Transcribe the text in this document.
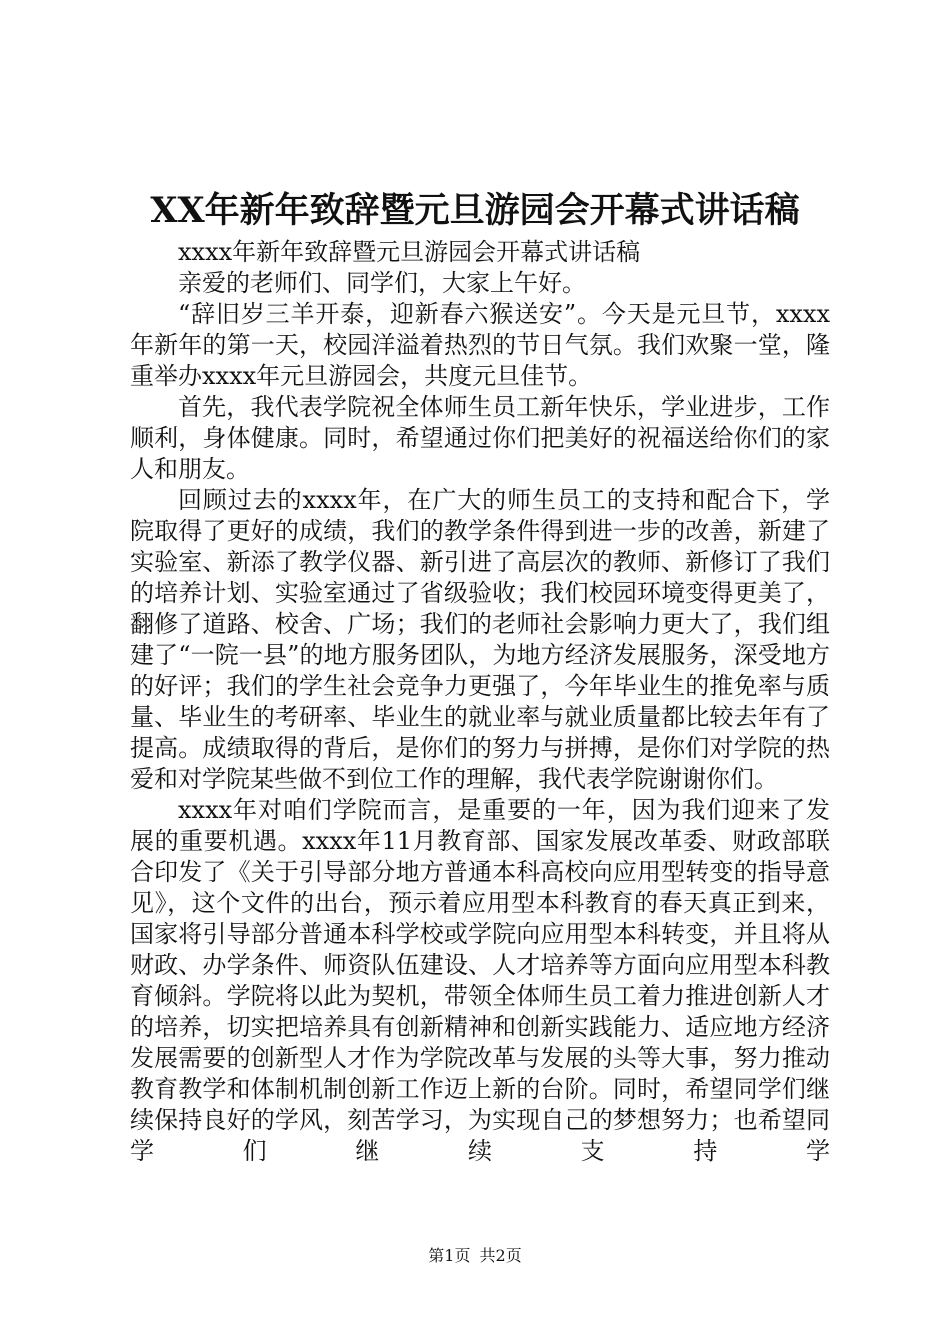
XX年新年致辞暨元旦游园会开幕式讲话稿

xxxx年新年致辞暨元旦游园会开幕式讲话稿

亲爱的老师们、同学们，大家上午好。

“辞旧岁三羊开泰，迎新春六猴送安”。今天是元旦节，xxxx年新年的第一天，校园洋溢着热烈的节日气氛。我们欢聚一堂，隆重举办xxxx年元旦游园会，共度元旦佳节。

首先，我代表学院祝全体师生员工新年快乐，学业进步，工作顺利，身体健康。同时，希望通过你们把美好的祝福送给你们的家人和朋友。

回顾过去的xxxx年，在广大的师生员工的支持和配合下，学院取得了更好的成绩，我们的教学条件得到进一步的改善，新建了实验室、新添了教学仪器、新引进了高层次的教师、新修订了我们的培养计划、实验室通过了省级验收；我们校园环境变得更美了，翻修了道路、校舍、广场；我们的老师社会影响力更大了，我们组建了“一院一县”的地方服务团队，为地方经济发展服务，深受地方的好评；我们的学生社会竞争力更强了，今年毕业生的推免率与质量、毕业生的考研率、毕业生的就业率与就业质量都比较去年有了提高。成绩取得的背后，是你们的努力与拼搏，是你们对学院的热爱和对学院某些做不到位工作的理解，我代表学院谢谢你们。

xxxx年对咱们学院而言，是重要的一年，因为我们迎来了发展的重要机遇。xxxx年11月教育部、国家发展改革委、财政部联合印发了《关于引导部分地方普通本科高校向应用型转变的指导意见》，这个文件的出台，预示着应用型本科教育的春天真正到来，国家将引导部分普通本科学校或学院向应用型本科转变，并且将从财政、办学条件、师资队伍建设、人才培养等方面向应用型本科教育倾斜。学院将以此为契机，带领全体师生员工着力推进创新人才的培养，切实把培养具有创新精神和创新实践能力、适应地方经济发展需要的创新型人才作为学院改革与发展的头等大事，努力推动教育教学和体制机制创新工作迈上新的台阶。同时，希望同学们继续保持良好的学风，刻苦学习，为实现自己的梦想努力；也希望同学们继续支持学

第1页 共2页
